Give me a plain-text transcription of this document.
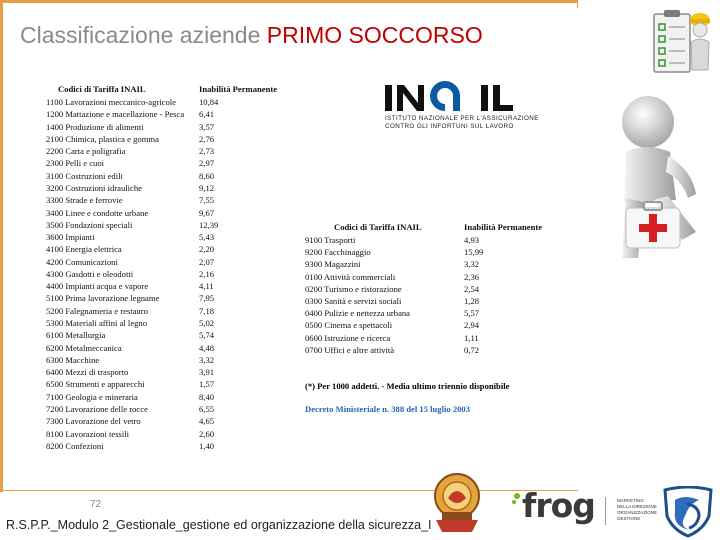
Classificazione aziende PRIMO SOCCORSO
Codici di Tariffa INAIL	Inabilità Permanente
1100 Lavorazioni meccanico-agricole	10,84
1200 Mattazione e macellazione - Pesca 6,41
1400 Produzione di alimenti	3,57
2100 Chimica, plastica e gomma	2,76
2200 Carta e poligrafia	2,73
2300 Pelli e cuoi	2,97
3100 Costruzioni edili	8,60
3200 Costruzioni idrauliche	9,12
3300 Strade e ferrovie	7,55
3400 Linee e condotte urbane	9,67
3500 Fondazioni speciali	12,39
3600 Impianti	5,43
4100 Energia elettrica	2,20
4200 Comunicazioni	2,07
4300 Gasdotti e oleodotti	2,16
4400 Impianti acqua e vapore	4,11
5100 Prima lavorazione legname	7,95
5200 Falegnameria e restauro	7,18
5300 Materiali affini al legno	5,02
6100 Metallurgia	5,74
6200 Metalmeccanica	4,48
6300 Macchine	3,32
6400 Mezzi di trasporto	3,91
6500 Strumenti e apparecchi	1,57
7100 Geologia e mineraria	8,40
7200 Lavorazione delle rocce	6,55
7300 Lavorazione del vetro	4,65
8100 Lavorazioni tessili	2,60
8200 Confezioni	1,40
Codici di Tariffa INAIL	Inabilità Permanente
9100 Trasporti	4,93
9200 Facchinaggio	15,99
9300 Magazzini	3,32
0100 Attività commerciali	2,36
0200 Turismo e ristorazione	2,54
0300 Sanità e servizi sociali	1,28
0400 Pulizie e nettezza urbana	5,57
0500 Cinema e spettacoli	2,94
0600 Istruzione e ricerca	1,11
0700 Uffici e altre attività	0,72
(*) Per 1000 addetti. - Media ultimo triennio disponibile
Decreto Ministeriale n. 388 del 15 luglio 2003
ISTITUTO NAZIONALE PER L'ASSICURAZIONE
CONTRO GLI INFORTUNI SUL LAVORO
72
R.S.P.P._Modulo 2_Gestionale_gestione ed organizzazione della sicurezza_I	frog	MARKETING
DELLA DIREZIONE
ORGANIZZAZIONE
GESTIONE
